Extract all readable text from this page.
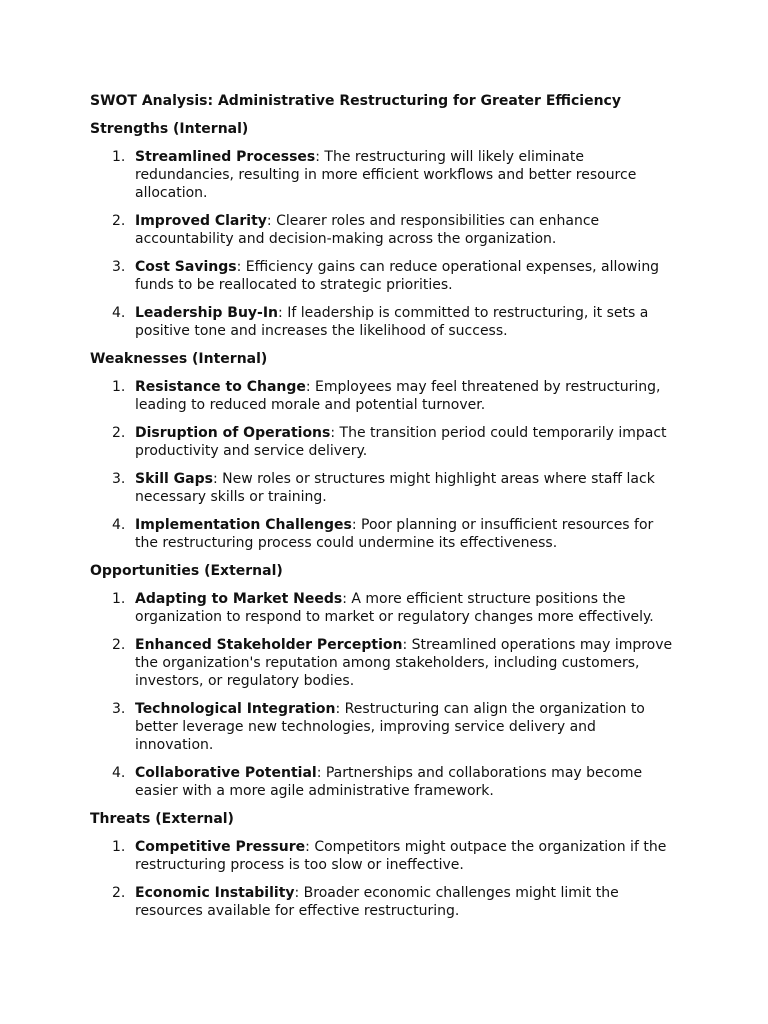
SWOT Analysis: Administrative Restructuring for Greater Efficiency
Strengths (Internal)
1. Streamlined Processes: The restructuring will likely eliminate redundancies, resulting in more efficient workflows and better resource allocation.
2. Improved Clarity: Clearer roles and responsibilities can enhance accountability and decision-making across the organization.
3. Cost Savings: Efficiency gains can reduce operational expenses, allowing funds to be reallocated to strategic priorities.
4. Leadership Buy-In: If leadership is committed to restructuring, it sets a positive tone and increases the likelihood of success.
Weaknesses (Internal)
1. Resistance to Change: Employees may feel threatened by restructuring, leading to reduced morale and potential turnover.
2. Disruption of Operations: The transition period could temporarily impact productivity and service delivery.
3. Skill Gaps: New roles or structures might highlight areas where staff lack necessary skills or training.
4. Implementation Challenges: Poor planning or insufficient resources for the restructuring process could undermine its effectiveness.
Opportunities (External)
1. Adapting to Market Needs: A more efficient structure positions the organization to respond to market or regulatory changes more effectively.
2. Enhanced Stakeholder Perception: Streamlined operations may improve the organization's reputation among stakeholders, including customers, investors, or regulatory bodies.
3. Technological Integration: Restructuring can align the organization to better leverage new technologies, improving service delivery and innovation.
4. Collaborative Potential: Partnerships and collaborations may become easier with a more agile administrative framework.
Threats (External)
1. Competitive Pressure: Competitors might outpace the organization if the restructuring process is too slow or ineffective.
2. Economic Instability: Broader economic challenges might limit the resources available for effective restructuring.
